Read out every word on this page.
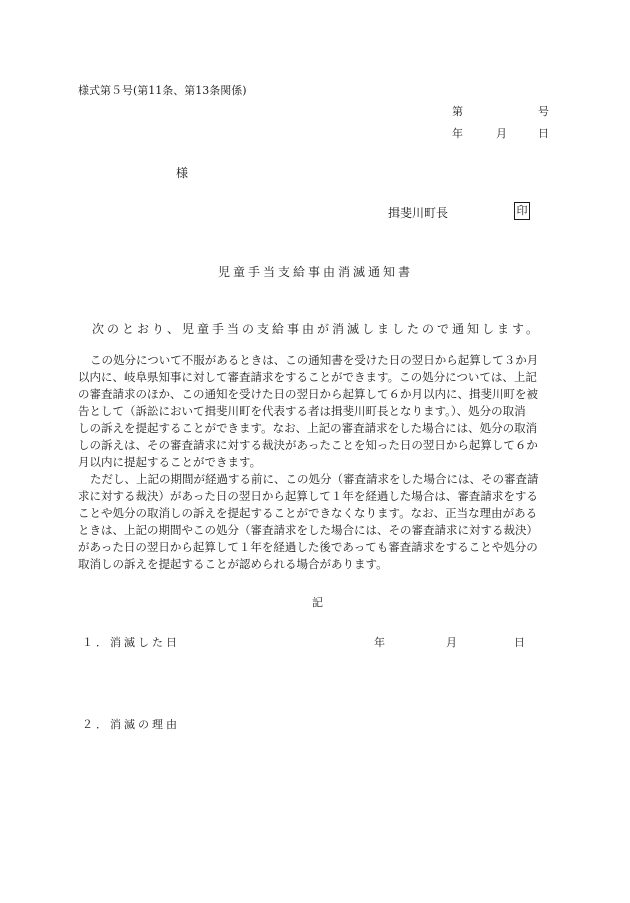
様式第５号(第11条、第13条関係)
第	号
年	月	日
様
揖斐川町長	印
児童手当支給事由消滅通知書
次のとおり、児童手当の支給事由が消滅しましたので通知します。
この処分について不服があるときは、この通知書を受けた日の翌日から起算して３か月
以内に、岐阜県知事に対して審査請求をすることができます。この処分については、上記
の審査請求のほか、この通知を受けた日の翌日から起算して６か月以内に、揖斐川町を被
告として（訴訟において揖斐川町を代表する者は揖斐川町長となります。）、処分の取消
しの訴えを提起することができます。なお、上記の審査請求をした場合には、処分の取消
しの訴えは、その審査請求に対する裁決があったことを知った日の翌日から起算して６か
月以内に提起することができます。
ただし、上記の期間が経過する前に、この処分（審査請求をした場合には、その審査請
求に対する裁決）があった日の翌日から起算して１年を経過した場合は、審査請求をする
ことや処分の取消しの訴えを提起することができなくなります。なお、正当な理由がある
ときは、上記の期間やこの処分（審査請求をした場合には、その審査請求に対する裁決）
があった日の翌日から起算して１年を経過した後であっても審査請求をすることや処分の
取消しの訴えを提起することが認められる場合があります。
記
１．消滅した日	年	月	日
２．消滅の理由
